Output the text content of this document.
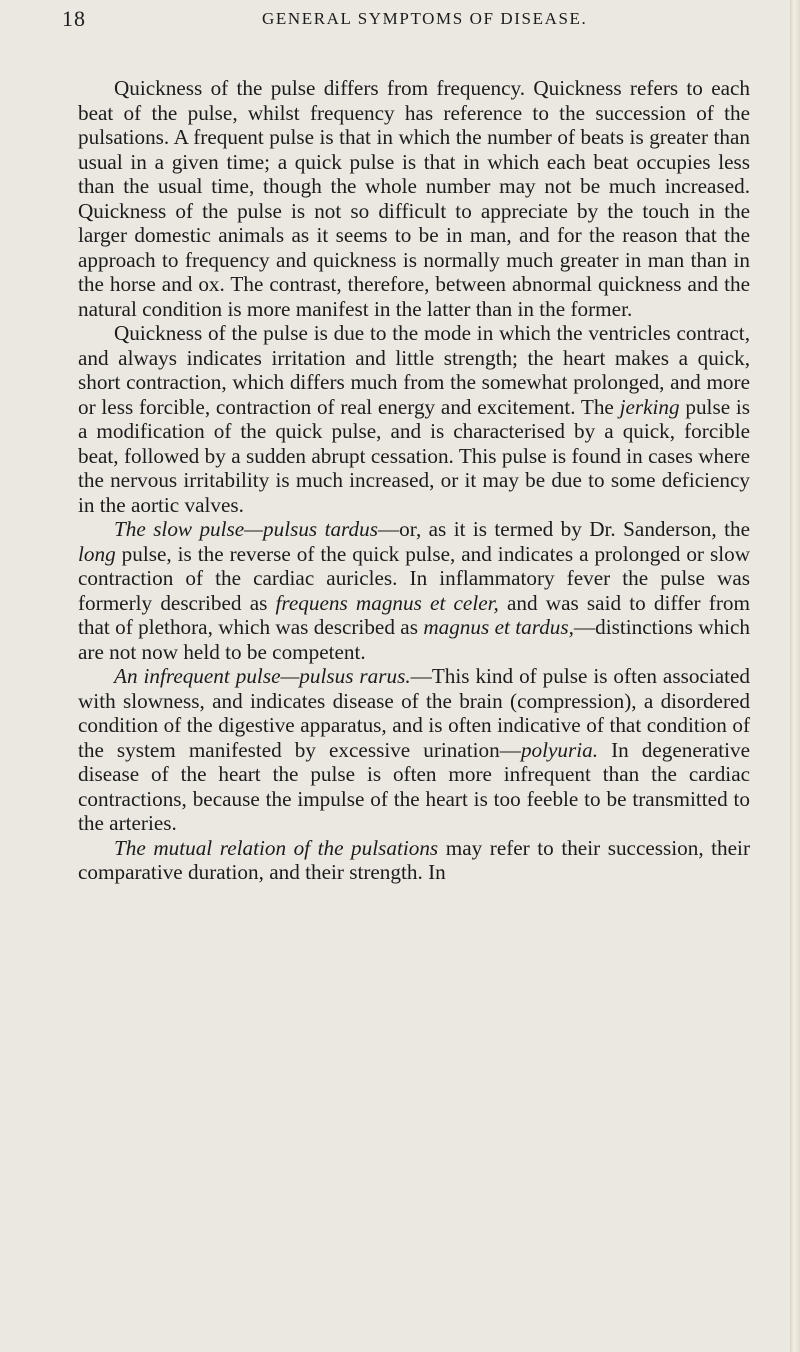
18	GENERAL SYMPTOMS OF DISEASE.

Quickness of the pulse differs from frequency. Quickness refers to each beat of the pulse, whilst frequency has reference to the succession of the pulsations. A frequent pulse is that in which the number of beats is greater than usual in a given time; a quick pulse is that in which each beat occupies less than the usual time, though the whole number may not be much increased. Quickness of the pulse is not so difficult to appreciate by the touch in the larger domestic animals as it seems to be in man, and for the reason that the approach to frequency and quickness is normally much greater in man than in the horse and ox. The contrast, therefore, between abnormal quickness and the natural condition is more manifest in the latter than in the former.

Quickness of the pulse is due to the mode in which the ventricles contract, and always indicates irritation and little strength; the heart makes a quick, short contraction, which differs much from the somewhat prolonged, and more or less forcible, contraction of real energy and excitement. The jerking pulse is a modification of the quick pulse, and is characterised by a quick, forcible beat, followed by a sudden abrupt cessation. This pulse is found in cases where the nervous irritability is much increased, or it may be due to some deficiency in the aortic valves.

The slow pulse—pulsus tardus—or, as it is termed by Dr. Sanderson, the long pulse, is the reverse of the quick pulse, and indicates a prolonged or slow contraction of the cardiac auricles. In inflammatory fever the pulse was formerly described as frequens magnus et celer, and was said to differ from that of plethora, which was described as magnus et tardus,—distinctions which are not now held to be competent.

An infrequent pulse—pulsus rarus.—This kind of pulse is often associated with slowness, and indicates disease of the brain (compression), a disordered condition of the digestive apparatus, and is often indicative of that condition of the system manifested by excessive urination—polyuria. In degenerative disease of the heart the pulse is often more infrequent than the cardiac contractions, because the impulse of the heart is too feeble to be transmitted to the arteries.

The mutual relation of the pulsations may refer to their succession, their comparative duration, and their strength. In
